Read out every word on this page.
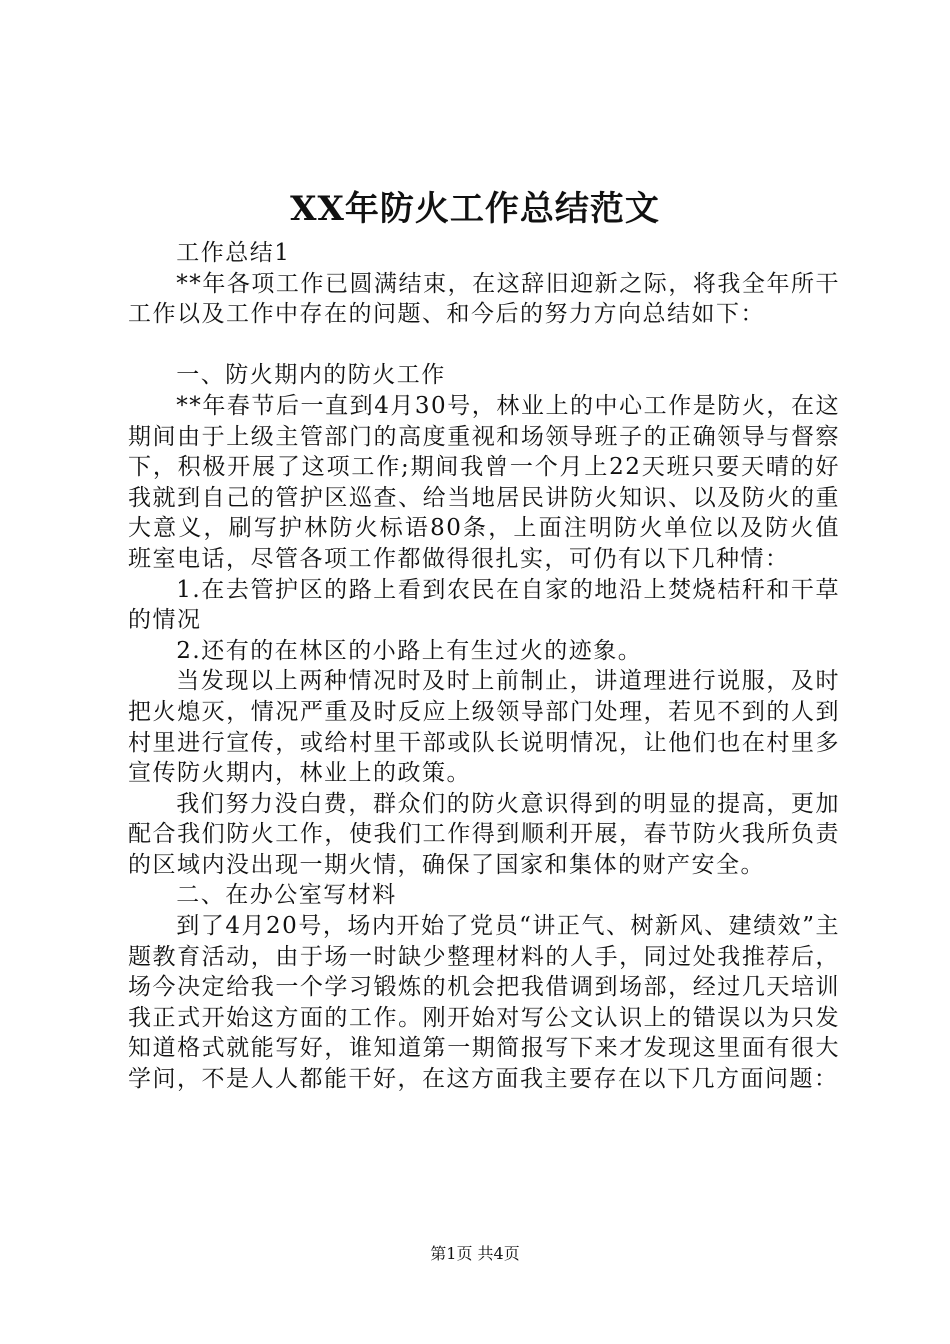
XX年防火工作总结范文

工作总结1

**年各项工作已圆满结束，在这辞旧迎新之际，将我全年所干工作以及工作中存在的问题、和今后的努力方向总结如下：

一、防火期内的防火工作

**年春节后一直到4月30号，林业上的中心工作是防火，在这期间由于上级主管部门的高度重视和场领导班子的正确领导与督察下，积极开展了这项工作;期间我曾一个月上22天班只要天晴的好我就到自己的管护区巡查、给当地居民讲防火知识、以及防火的重大意义，刷写护林防火标语80条，上面注明防火单位以及防火值班室电话，尽管各项工作都做得很扎实，可仍有以下几种情：

1.在去管护区的路上看到农民在自家的地沿上焚烧桔秆和干草的情况

2.还有的在林区的小路上有生过火的迹象。

当发现以上两种情况时及时上前制止，讲道理进行说服，及时把火熄灭，情况严重及时反应上级领导部门处理，若见不到的人到村里进行宣传，或给村里干部或队长说明情况，让他们也在村里多宣传防火期内，林业上的政策。

我们努力没白费，群众们的防火意识得到的明显的提高，更加配合我们防火工作，使我们工作得到顺利开展，春节防火我所负责的区域内没出现一期火情，确保了国家和集体的财产安全。

二、在办公室写材料

到了4月20号，场内开始了党员“讲正气、树新风、建绩效”主题教育活动，由于场一时缺少整理材料的人手，同过处我推荐后，场今决定给我一个学习锻炼的机会把我借调到场部，经过几天培训我正式开始这方面的工作。刚开始对写公文认识上的错误以为只发知道格式就能写好，谁知道第一期简报写下来才发现这里面有很大学问，不是人人都能干好，在这方面我主要存在以下几方面问题：

第1页 共4页
